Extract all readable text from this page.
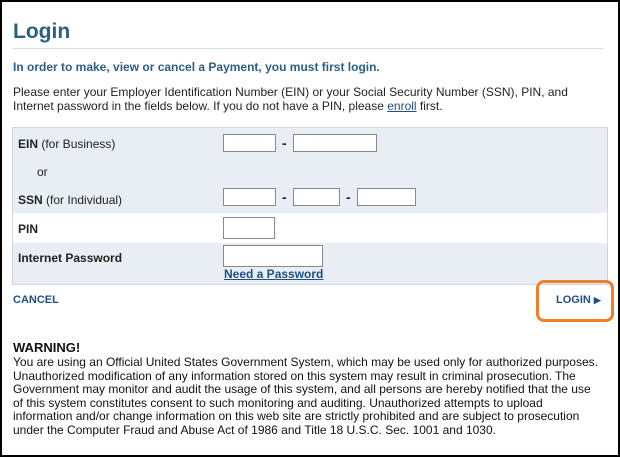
Login
In order to make, view or cancel a Payment, you must first login.
Please enter your Employer Identification Number (EIN) or your Social Security Number (SSN), PIN, and Internet password in the fields below. If you do not have a PIN, please enroll first.
EIN (for Business)	-
or
SSN (for Individual)	-	-
PIN
Internet Password
Need a Password
CANCEL	LOGIN ▶
WARNING!
You are using an Official United States Government System, which may be used only for authorized purposes. Unauthorized modification of any information stored on this system may result in criminal prosecution. The Government may monitor and audit the usage of this system, and all persons are hereby notified that the use of this system constitutes consent to such monitoring and auditing. Unauthorized attempts to upload information and/or change information on this web site are strictly prohibited and are subject to prosecution under the Computer Fraud and Abuse Act of 1986 and Title 18 U.S.C. Sec. 1001 and 1030.
